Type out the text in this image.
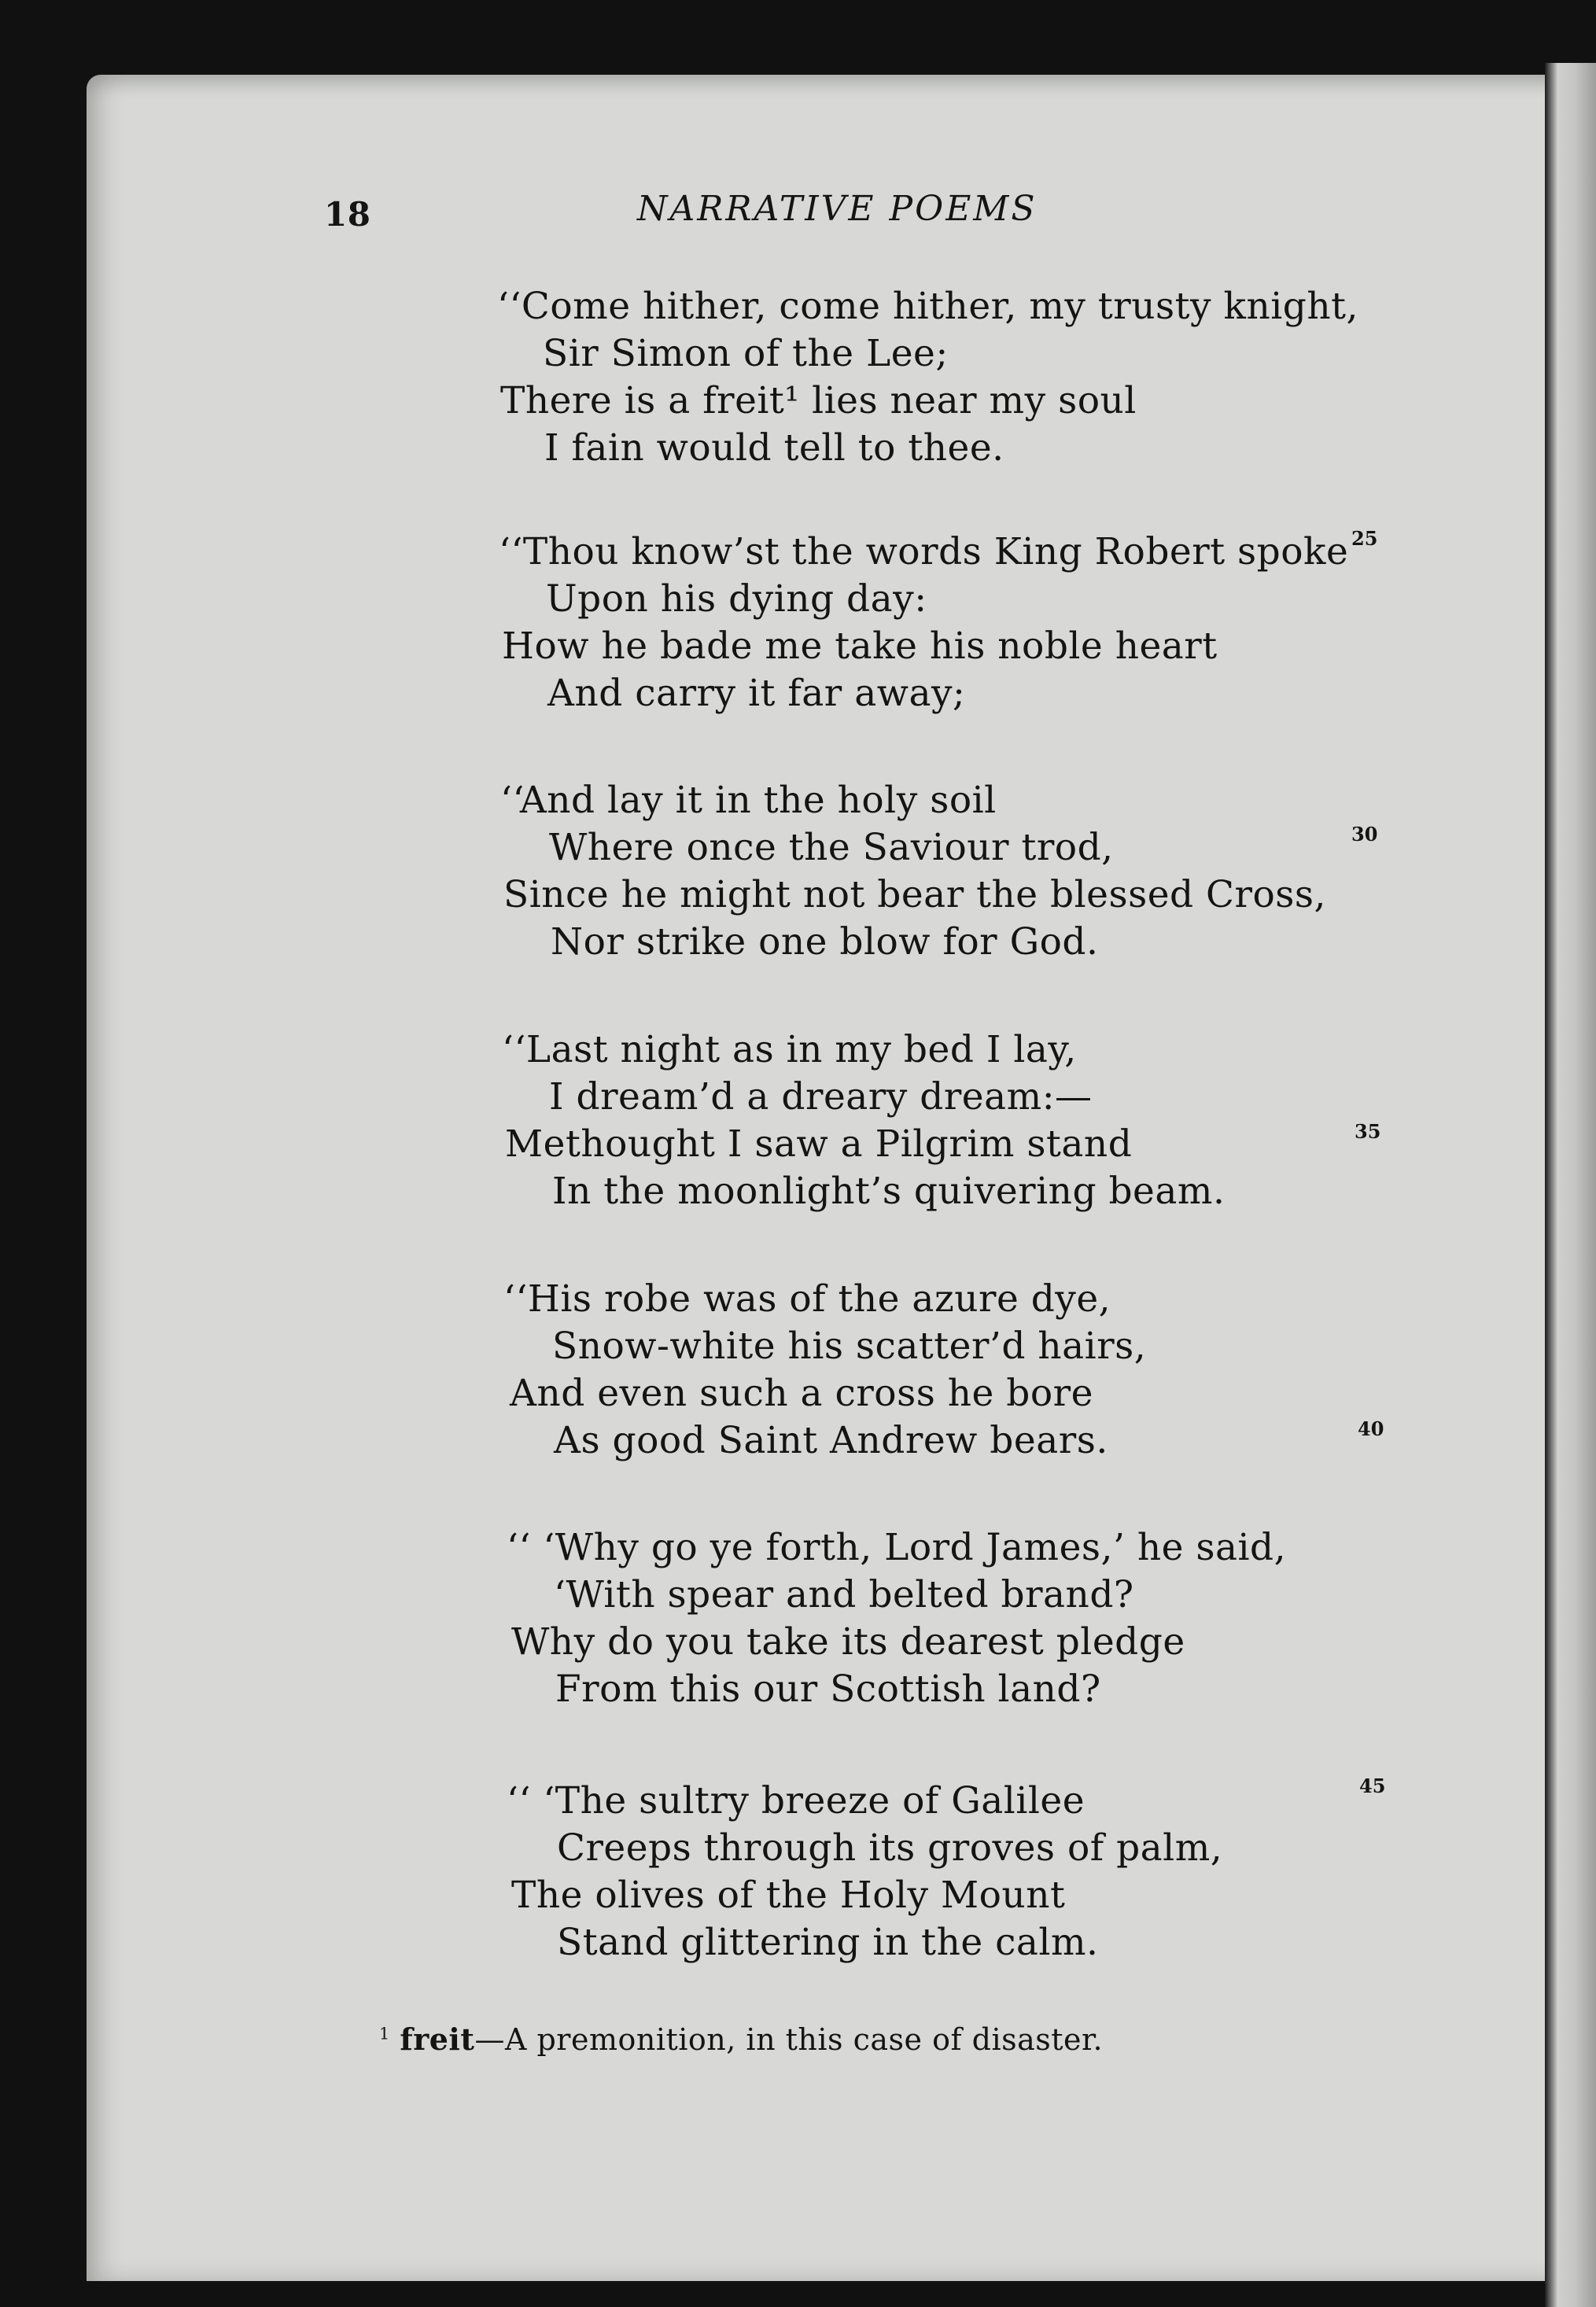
18	NARRATIVE POEMS
‘‘Come hither, come hither, my trusty knight,
Sir Simon of the Lee;
There is a freit¹ lies near my soul
I fain would tell to thee.
‘‘Thou know’st the words King Robert spoke
Upon his dying day:
How he bade me take his noble heart
And carry it far away;
‘‘And lay it in the holy soil
Where once the Saviour trod,
Since he might not bear the blessed Cross,
Nor strike one blow for God.
‘‘Last night as in my bed I lay,
I dream’d a dreary dream:—
Methought I saw a Pilgrim stand
In the moonlight’s quivering beam.
‘‘His robe was of the azure dye,
Snow-white his scatter’d hairs,
And even such a cross he bore
As good Saint Andrew bears.
‘‘ ‘Why go ye forth, Lord James,’ he said,
‘With spear and belted brand?
Why do you take its dearest pledge
From this our Scottish land?
‘‘ ‘The sultry breeze of Galilee
Creeps through its groves of palm,
The olives of the Holy Mount
Stand glittering in the calm.
25
30
35
40
45
$^1$ freit—A premonition, in this case of disaster.
